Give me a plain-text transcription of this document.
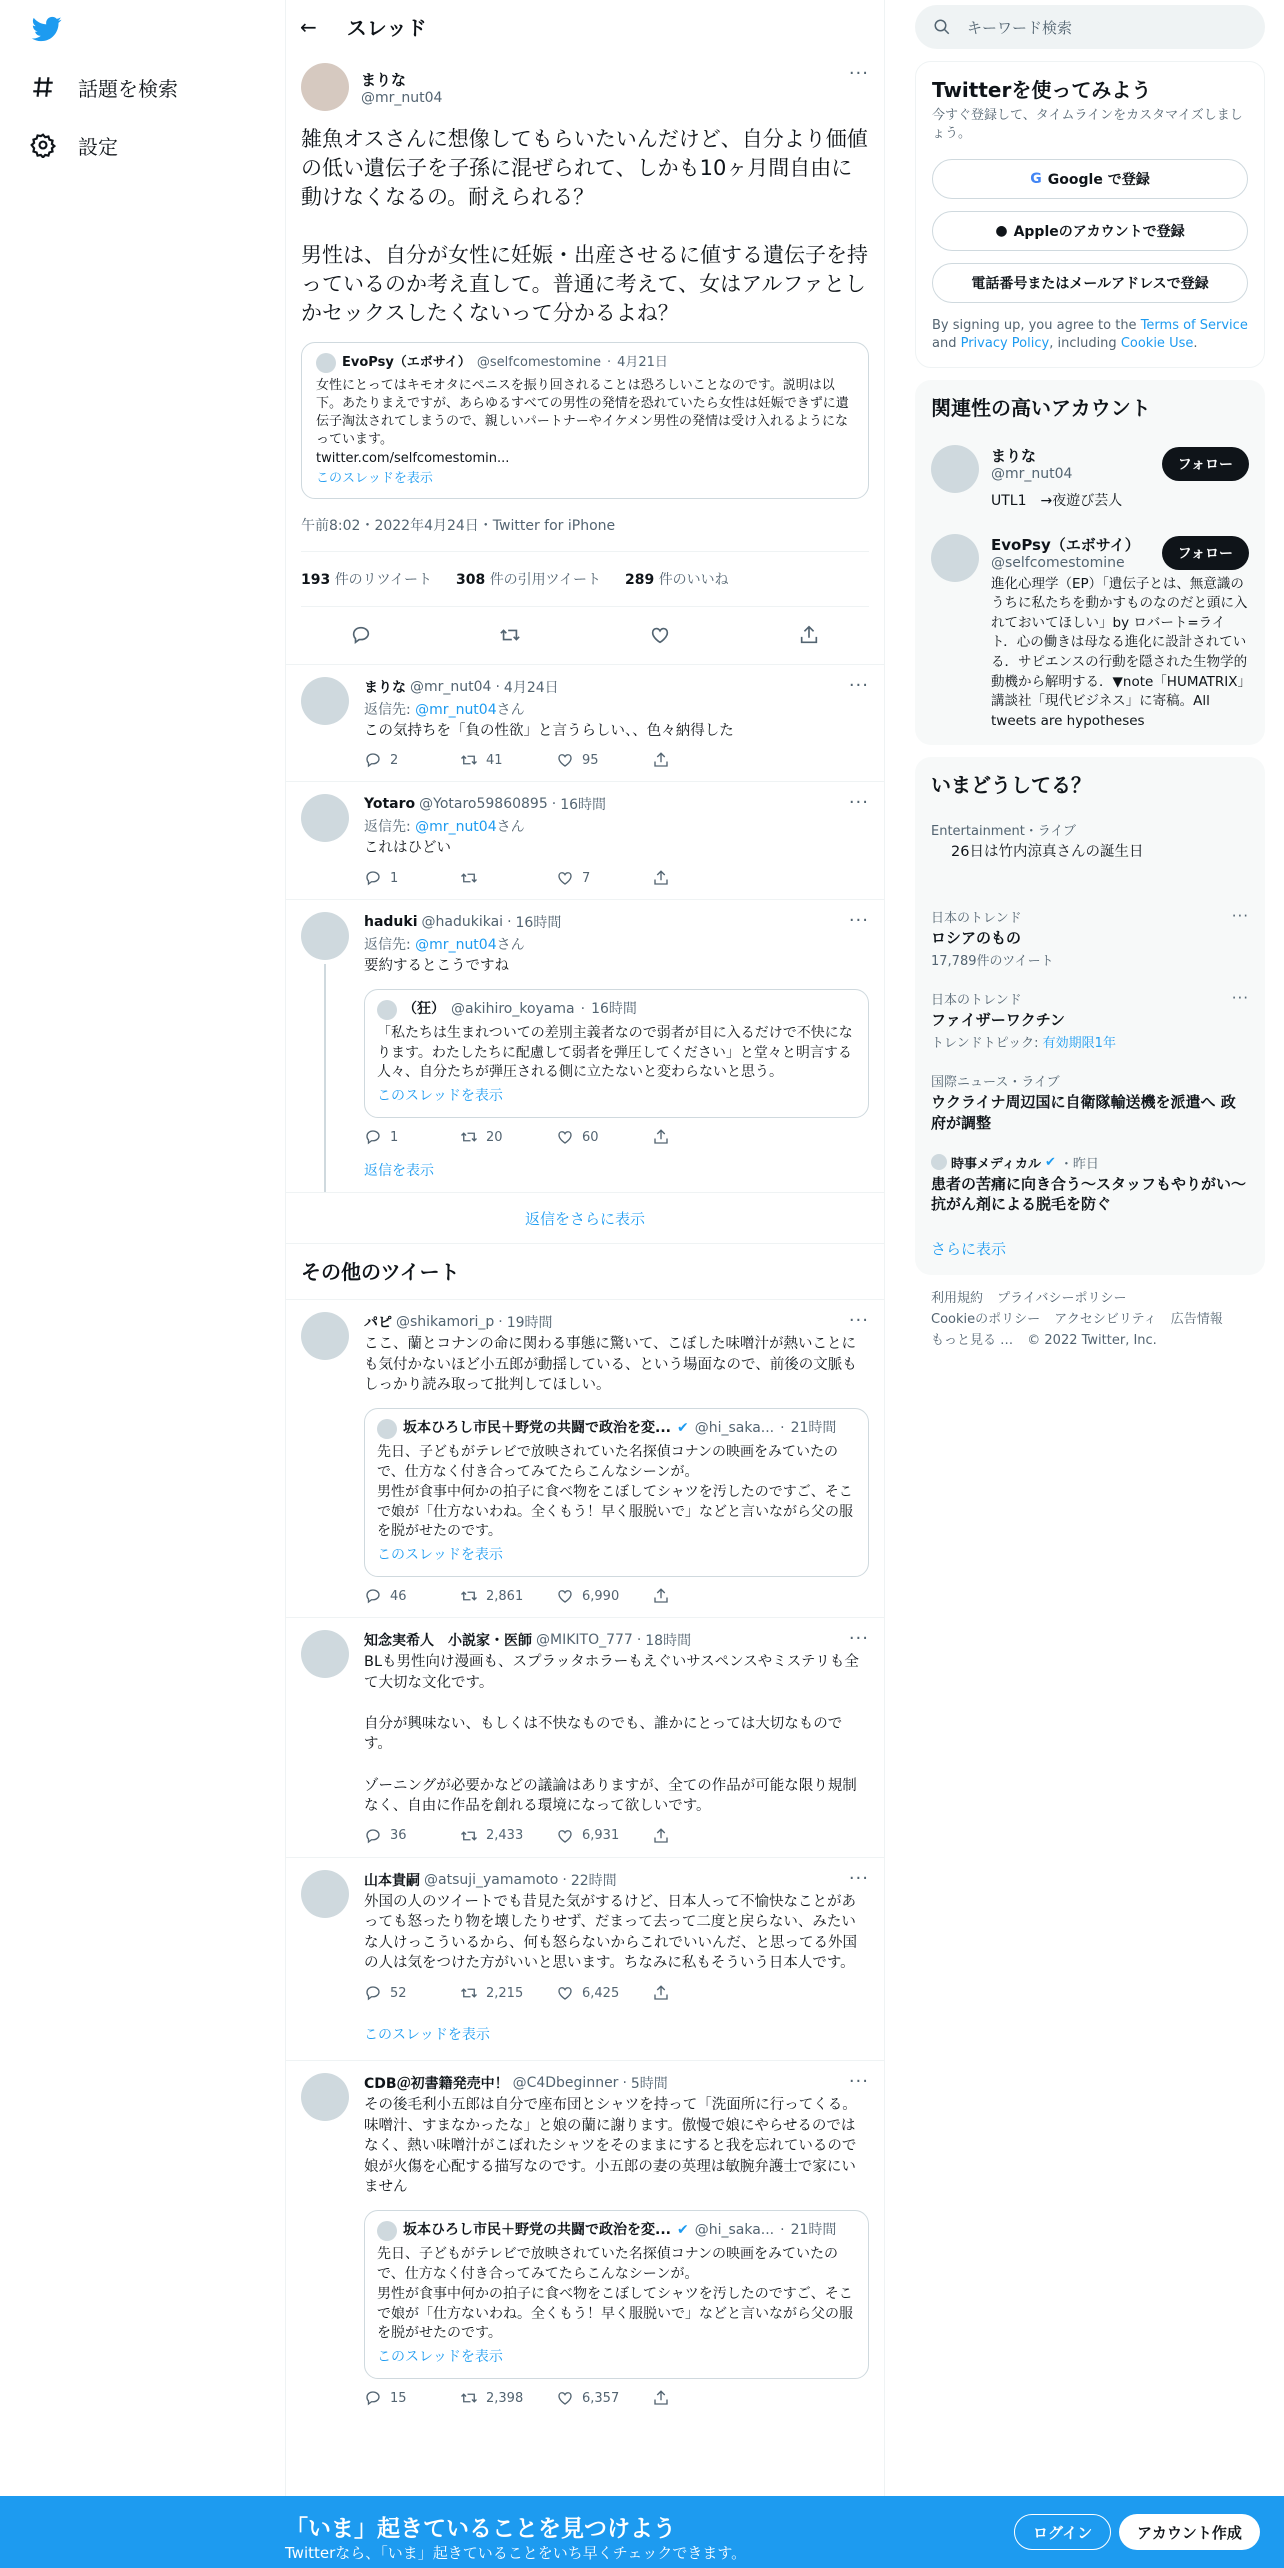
話題を検索
設定
← スレッド
まりな
@mr_nut04
···
雑魚オスさんに想像してもらいたいんだけど、自分より価値の低い遺伝子を子孫に混ぜられて、しかも10ヶ月間自由に動けなくなるの。耐えられる？

男性は、自分が女性に妊娠・出産させるに値する遺伝子を持っているのか考え直して。普通に考えて、女はアルファとしかセックスしたくないって分かるよね？
EvoPsy（エボサイ） @selfcomestomine · 4月21日
女性にとってはキモオタにペニスを振り回されることは恐ろしいことなのです。説明は以下。あたりまえですが、あらゆるすべての男性の発情を恐れていたら女性は妊娠できずに遺伝子淘汰されてしまうので、親しいパートナーやイケメン男性の発情は受け入れるようになっています。
twitter.com/selfcomestomin...
このスレッドを表示
午前8:02・2022年4月24日・Twitter for iPhone
193 件のリツイート 308 件の引用ツイート 289 件のいいね
まりな @mr_nut04 · 4月24日	···
返信先: @mr_nut04さん
この気持ちを「負の性欲」と言うらしい、、色々納得した
2	41	95
Yotaro @Yotaro59860895 · 16時間	···
返信先: @mr_nut04さん
これはひどい
1	7
haduki @hadukikai · 16時間	···
返信先: @mr_nut04さん
要約するとこうですね
（狂） @akihiro_koyama · 16時間
「私たちは生まれついての差別主義者なので弱者が目に入るだけで不快になります。わたしたちに配慮して弱者を弾圧してください」と堂々と明言する人々、自分たちが弾圧される側に立たないと変わらないと思う。
このスレッドを表示
1	20	60
返信を表示
返信をさらに表示
その他のツイート
パピ @shikamori_p · 19時間	···
ここ、蘭とコナンの命に関わる事態に驚いて、こぼした味噌汁が熱いことにも気付かないほど小五郎が動揺している、という場面なので、前後の文脈もしっかり読み取って批判してほしい。
坂本ひろし市民＋野党の共闘で政治を変... ✔ @hi_saka... · 21時間
先日、子どもがテレビで放映されていた名探偵コナンの映画をみていたので、仕方なく付き合ってみてたらこんなシーンが。
男性が食事中何かの拍子に食べ物をこぼしてシャツを汚したのですご、そこで娘が「仕方ないわね。全くもう！早く服脱いで」などと言いながら父の服を脱がせたのです。
このスレッドを表示
46	2,861	6,990
知念実希人　小説家・医師 @MIKITO_777 · 18時間	···
BLも男性向け漫画も、スプラッタホラーもえぐいサスペンスやミステリも全て大切な文化です。

自分が興味ない、もしくは不快なものでも、誰かにとっては大切なものです。

ゾーニングが必要かなどの議論はありますが、全ての作品が可能な限り規制なく、自由に作品を創れる環境になって欲しいです。
36	2,433	6,931
山本貴嗣 @atsuji_yamamoto · 22時間	···
外国の人のツイートでも昔見た気がするけど、日本人って不愉快なことがあっても怒ったり物を壊したりせず、だまって去って二度と戻らない、みたいな人けっこういるから、何も怒らないからこれでいいんだ、と思ってる外国の人は気をつけた方がいいと思います。ちなみに私もそういう日本人です。
52	2,215	6,425
このスレッドを表示
CDB＠初書籍発売中！ @C4Dbeginner · 5時間	···
その後毛利小五郎は自分で座布団とシャツを持って「洗面所に行ってくる。味噌汁、すまなかったな」と娘の蘭に謝ります。傲慢で娘にやらせるのではなく、熱い味噌汁がこぼれたシャツをそのままにすると我を忘れているので娘が火傷を心配する描写なのです。小五郎の妻の英理は敏腕弁護士で家にいません
坂本ひろし市民＋野党の共闘で政治を変... ✔ @hi_saka... · 21時間
先日、子どもがテレビで放映されていた名探偵コナンの映画をみていたので、仕方なく付き合ってみてたらこんなシーンが。
男性が食事中何かの拍子に食べ物をこぼしてシャツを汚したのですご、そこで娘が「仕方ないわね。全くもう！早く服脱いで」などと言いながら父の服を脱がせたのです。
このスレッドを表示
15	2,398	6,357
キーワード検索
Twitterを使ってみよう
今すぐ登録して、タイムラインをカスタマイズしましょう。
G Google で登録
● Appleのアカウントで登録
電話番号またはメールアドレスで登録
By signing up, you agree to the Terms of Service and Privacy Policy, including Cookie Use.
関連性の高いアカウント
まりな
@mr_nut04
UTL1　→夜遊び芸人
フォロー
EvoPsy（エボサイ）
@selfcomestomine
進化心理学（EP）「遺伝子とは、無意識のうちに私たちを動かすものなのだと頭に入れておいてほしい」by ロバート=ライト．心の働きは母なる進化に設計されている．サピエンスの行動を隠された生物学的動機から解明する．▼note「HUMATRIX」講談社「現代ビジネス」に寄稿。All tweets are hypotheses
フォロー
いまどうしてる？
Entertainment・ライブ
26日は竹内涼真さんの誕生日
日本のトレンド	···
ロシアのもの
17,789件のツイート
日本のトレンド	···
ファイザーワクチン
トレンドトピック: 有効期限1年
国際ニュース・ライブ
ウクライナ周辺国に自衛隊輸送機を派遣へ 政府が調整
時事メディカル ✔ ・昨日
患者の苦痛に向き合う～スタッフもやりがい～抗がん剤による脱毛を防ぐ
さらに表示
利用規約 プライバシーポリシー
Cookieのポリシー アクセシビリティ 広告情報
もっと見る … © 2022 Twitter, Inc.
「いま」起きていることを見つけよう
Twitterなら、「いま」起きていることをいち早くチェックできます。
ログイン	アカウント作成
